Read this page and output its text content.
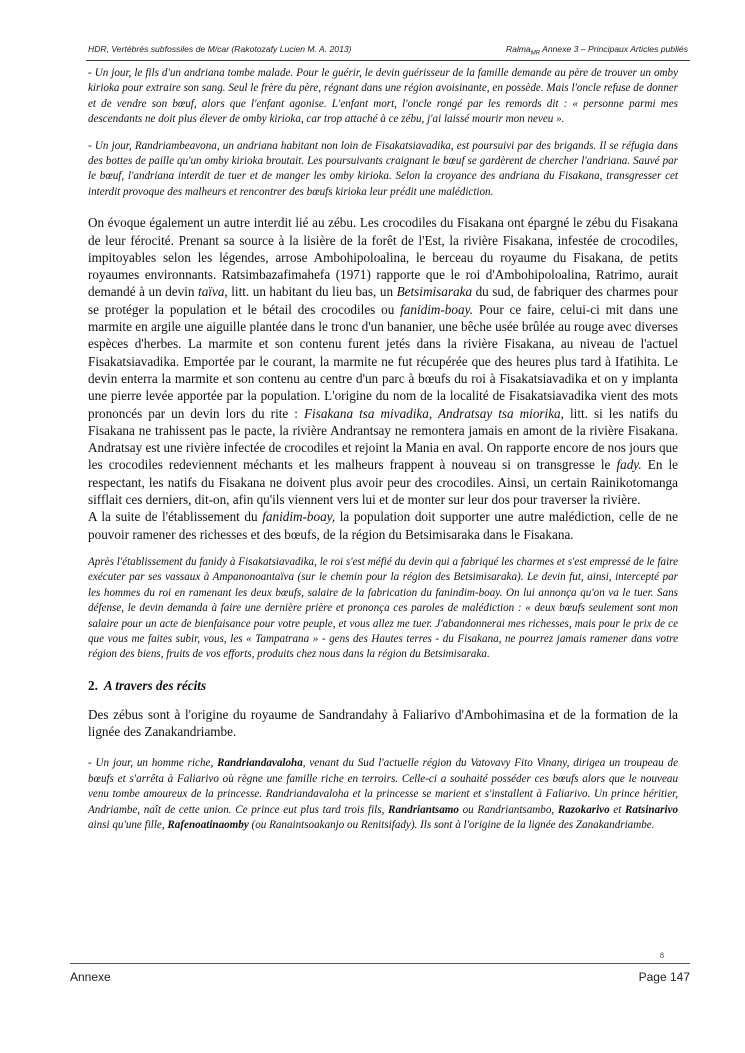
HDR, Vertébrés subfossiles de M/car (Rakotozafy Lucien M. A. 2013)	Ralma$_{MR}$ Annexe 3 – Principaux Articles publiés

- Un jour, le fils d'un andriana tombe malade. Pour le guérir, le devin guérisseur de la famille demande au père de trouver un omby kirioka pour extraire son sang. Seul le frère du père, régnant dans une région avoisinante, en possède. Mais l'oncle refuse de donner et de vendre son bœuf, alors que l'enfant agonise. L'enfant mort, l'oncle rongé par les remords dit : « personne parmi mes descendants ne doit plus élever de omby kirioka, car trop attaché à ce zébu, j'ai laissé mourir mon neveu ».

- Un jour, Randriambeavona, un andriana habitant non loin de Fisakatsiavadika, est poursuivi par des brigands. Il se réfugia dans des bottes de paille qu'un omby kirioka broutait. Les poursuivants craignant le bœuf se gardèrent de chercher l'andriana. Sauvé par le bœuf, l'andriana interdit de tuer et de manger les omby kirioka. Selon la croyance des andriana du Fisakana, transgresser cet interdit provoque des malheurs et rencontrer des bœufs kirioka leur prédit une malédiction.

On évoque également un autre interdit lié au zébu. Les crocodiles du Fisakana ont épargné le zébu du Fisakana de leur férocité. Prenant sa source à la lisière de la forêt de l'Est, la rivière Fisakana, infestée de crocodiles, impitoyables selon les légendes, arrose Ambohipoloalina, le berceau du royaume du Fisakana, de petits royaumes environnants. Ratsimbazafimahefa (1971) rapporte que le roi d'Ambohipoloalina, Ratrimo, aurait demandé à un devin taïva, litt. un habitant du lieu bas, un Betsimisaraka du sud, de fabriquer des charmes pour se protéger la population et le bétail des crocodiles ou fanidim-boay. Pour ce faire, celui-ci mit dans une marmite en argile une aiguille plantée dans le tronc d'un bananier, une bêche usée brûlée au rouge avec diverses espèces d'herbes. La marmite et son contenu furent jetés dans la rivière Fisakana, au niveau de l'actuel Fisakatsiavadika. Emportée par le courant, la marmite ne fut récupérée que des heures plus tard à Ifatihita. Le devin enterra la marmite et son contenu au centre d'un parc à bœufs du roi à Fisakatsiavadika et on y implanta une pierre levée apportée par la population. L'origine du nom de la localité de Fisakatsiavadika vient des mots prononcés par un devin lors du rite : Fisakana tsa mivadika, Andratsay tsa miorika, litt. si les natifs du Fisakana ne trahissent pas le pacte, la rivière Andrantsay ne remontera jamais en amont de la rivière Fisakana. Andratsay est une rivière infectée de crocodiles et rejoint la Mania en aval. On rapporte encore de nos jours que les crocodiles redeviennent méchants et les malheurs frappent à nouveau si on transgresse le fady. En le respectant, les natifs du Fisakana ne doivent plus avoir peur des crocodiles. Ainsi, un certain Rainikotomanga sifflait ces derniers, dit-on, afin qu'ils viennent vers lui et de monter sur leur dos pour traverser la rivière.

A la suite de l'établissement du fanidim-boay, la population doit supporter une autre malédiction, celle de ne pouvoir ramener des richesses et des bœufs, de la région du Betsimisaraka dans le Fisakana.

Après l'établissement du fanidy à Fisakatsiavadika, le roi s'est méfié du devin qui a fabriqué les charmes et s'est empressé de le faire exécuter par ses vassaux à Ampanonoantaïva (sur le chemin pour la région des Betsimisaraka). Le devin fut, ainsi, intercepté par les hommes du roi en ramenant les deux bœufs, salaire de la fabrication du fanindim-boay. On lui annonça qu'on va le tuer. Sans défense, le devin demanda à faire une dernière prière et prononça ces paroles de malédiction : « deux bœufs seulement sont mon salaire pour un acte de bienfaisance pour votre peuple, et vous allez me tuer. J'abandonnerai mes richesses, mais pour le prix de ce que vous me faites subir, vous, les « Tampatrana » - gens des Hautes terres - du Fisakana, ne pourrez jamais ramener dans votre région des biens, fruits de vos efforts, produits chez nous dans la région du Betsimisaraka.

2. A travers des récits

Des zébus sont à l'origine du royaume de Sandrandahy à Faliarivo d'Ambohimasina et de la formation de la lignée des Zanakandriambe.

- Un jour, un homme riche, Randriandavaloha, venant du Sud l'actuelle région du Vatovavy Fito Vinany, dirigea un troupeau de bœufs et s'arrêta à Faliarivo où règne une famille riche en terroirs. Celle-ci a souhaité posséder ces bœufs alors que le nouveau venu tombe amoureux de la princesse. Randriandavaloha et la princesse se marient et s'installent à Faliarivo. Un prince héritier, Andriambe, naît de cette union. Ce prince eut plus tard trois fils, Randriantsamo ou Randriantsambo, Razokarivo et Ratsinarivo ainsi qu'une fille, Rafenoatinaomby (ou Ranaintsoakanjo ou Renitsifady). Ils sont à l'origine de la lignée des Zanakandriambe.

8
Annexe	Page 147
